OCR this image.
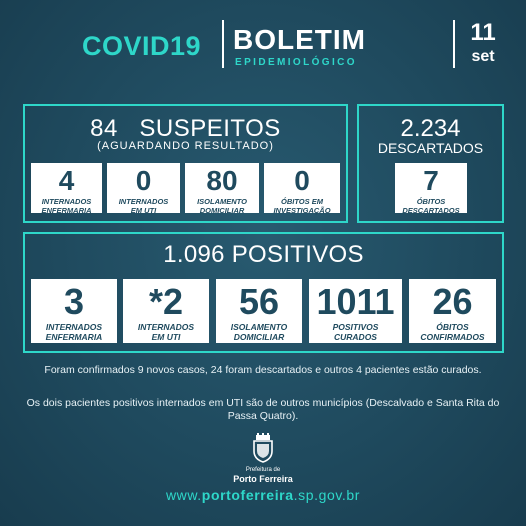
COVID19 BOLETIM
EPIDEMIOLÓGICO
11
set
84   SUSPEITOS
(AGUARDANDO RESULTADO)
4
INTERNADOS
ENFERMARIA
0
INTERNADOS
EM UTI
80
ISOLAMENTO
DOMICILIAR
0
ÓBITOS EM
INVESTIGAÇÃO
2.234
DESCARTADOS
7
ÓBITOS
DESCARTADOS
1.096 POSITIVOS
3
INTERNADOS
ENFERMARIA
*2
INTERNADOS
EM UTI
56
ISOLAMENTO
DOMICILIAR
1011
POSITIVOS
CURADOS
26
ÓBITOS
CONFIRMADOS
Foram confirmados 9 novos casos, 24 foram descartados e outros 4 pacientes estão curados.
Os dois pacientes positivos internados em UTI são de outros municípios (Descalvado e Santa Rita do Passa Quatro).
Prefeitura de
Porto Ferreira
www.portoferreira.sp.gov.br
